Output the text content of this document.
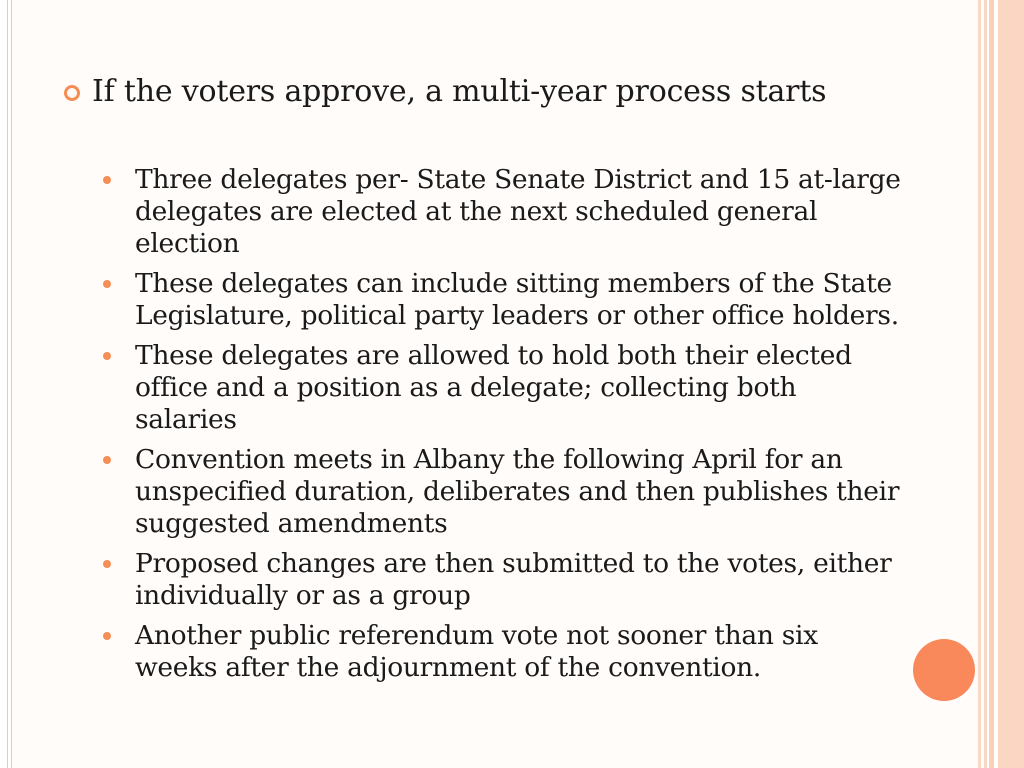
If the voters approve, a multi-year process starts
Three delegates per- State Senate District and 15 at-large delegates are elected at the next scheduled general election
These delegates can include sitting members of the State Legislature, political party leaders or other office holders.
These delegates are allowed to hold both their elected office and a position as a delegate; collecting both salaries
Convention meets in Albany the following April for an unspecified duration, deliberates and then publishes their suggested amendments
Proposed changes are then submitted to the votes, either individually or as a group
Another public referendum vote not sooner than six weeks after the adjournment of the convention.
